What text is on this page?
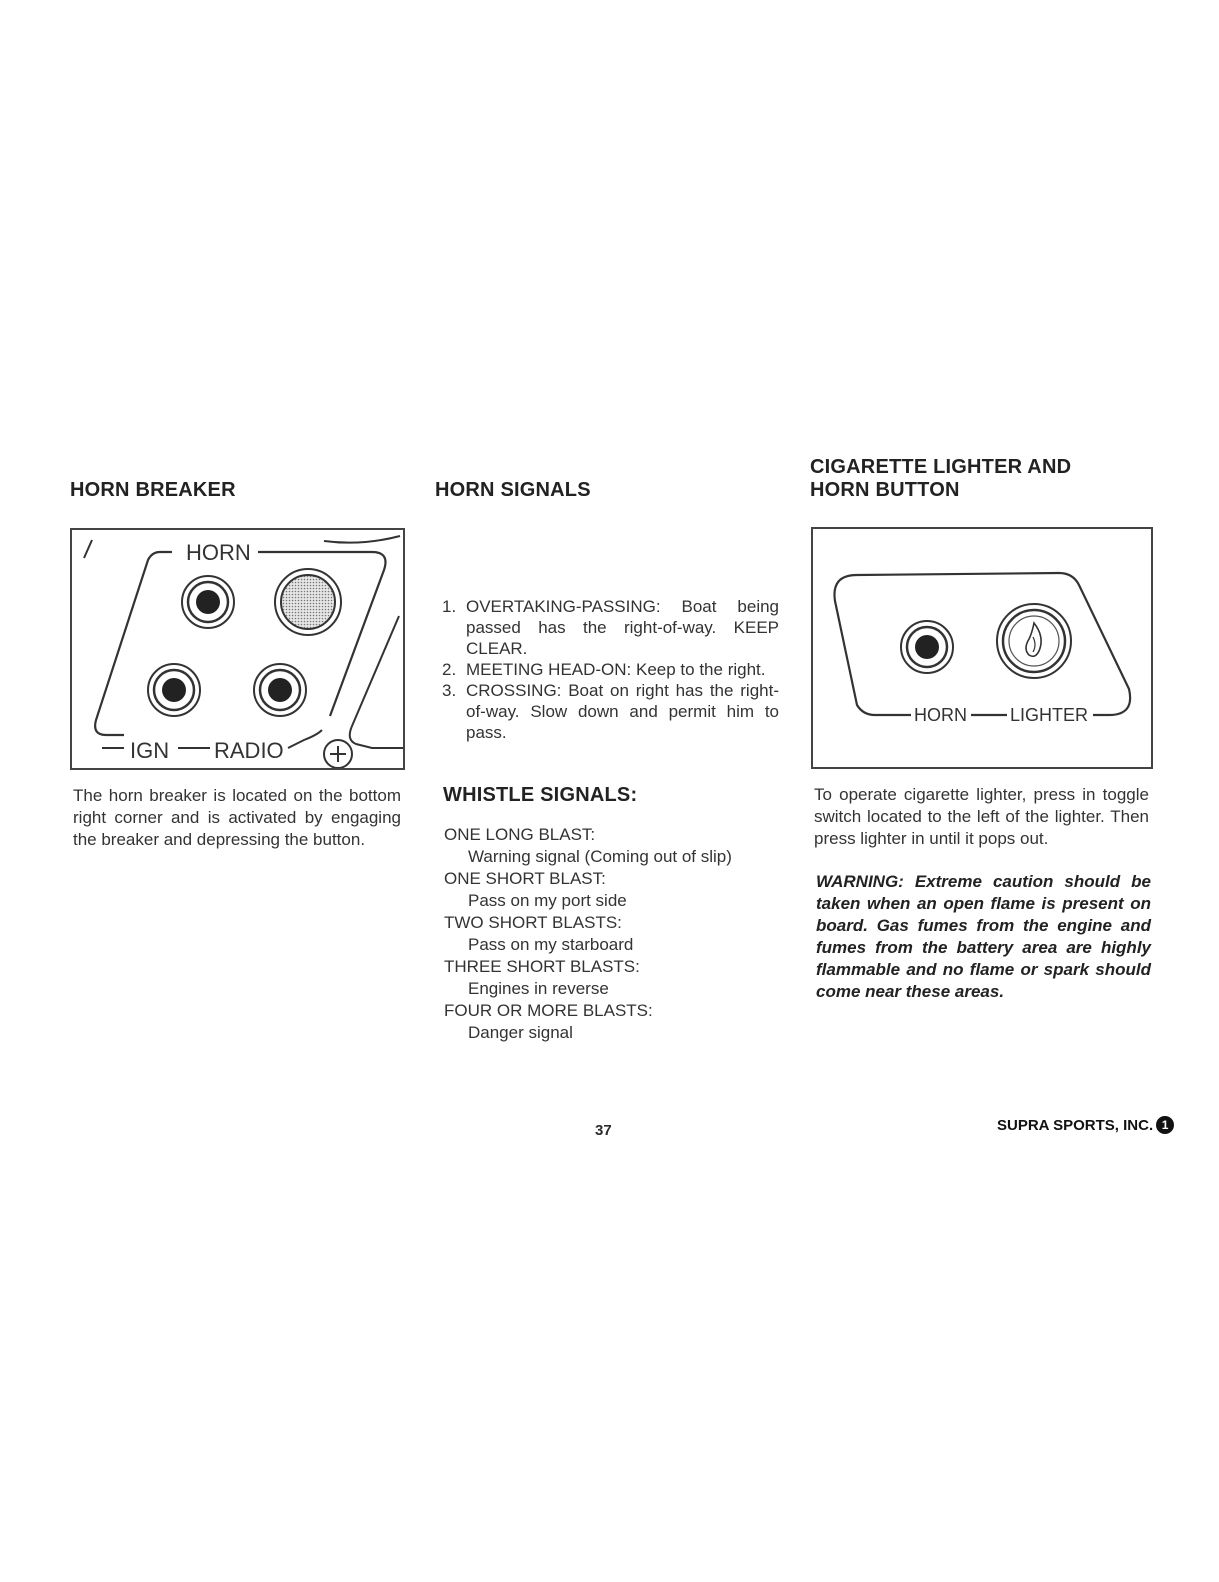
HORN BREAKER
HORN
IGN RADIO
The horn breaker is located on the bottom right corner and is activated by engaging the breaker and depressing the button.
HORN SIGNALS
1. OVERTAKING-PASSING: Boat being passed has the right-of-way. KEEP CLEAR.
2. MEETING HEAD-ON: Keep to the right.
3. CROSSING: Boat on right has the right-of-way. Slow down and permit him to pass.
WHISTLE SIGNALS:
ONE LONG BLAST:
Warning signal (Coming out of slip)
ONE SHORT BLAST:
Pass on my port side
TWO SHORT BLASTS:
Pass on my starboard
THREE SHORT BLASTS:
Engines in reverse
FOUR OR MORE BLASTS:
Danger signal
CIGARETTE LIGHTER AND
HORN BUTTON
HORN LIGHTER
To operate cigarette lighter, press in toggle switch located to the left of the lighter. Then press lighter in until it pops out.
WARNING: Extreme caution should be taken when an open flame is present on board. Gas fumes from the engine and fumes from the battery area are highly flammable and no flame or spark should come near these areas.
37	SUPRA SPORTS, INC. 1
